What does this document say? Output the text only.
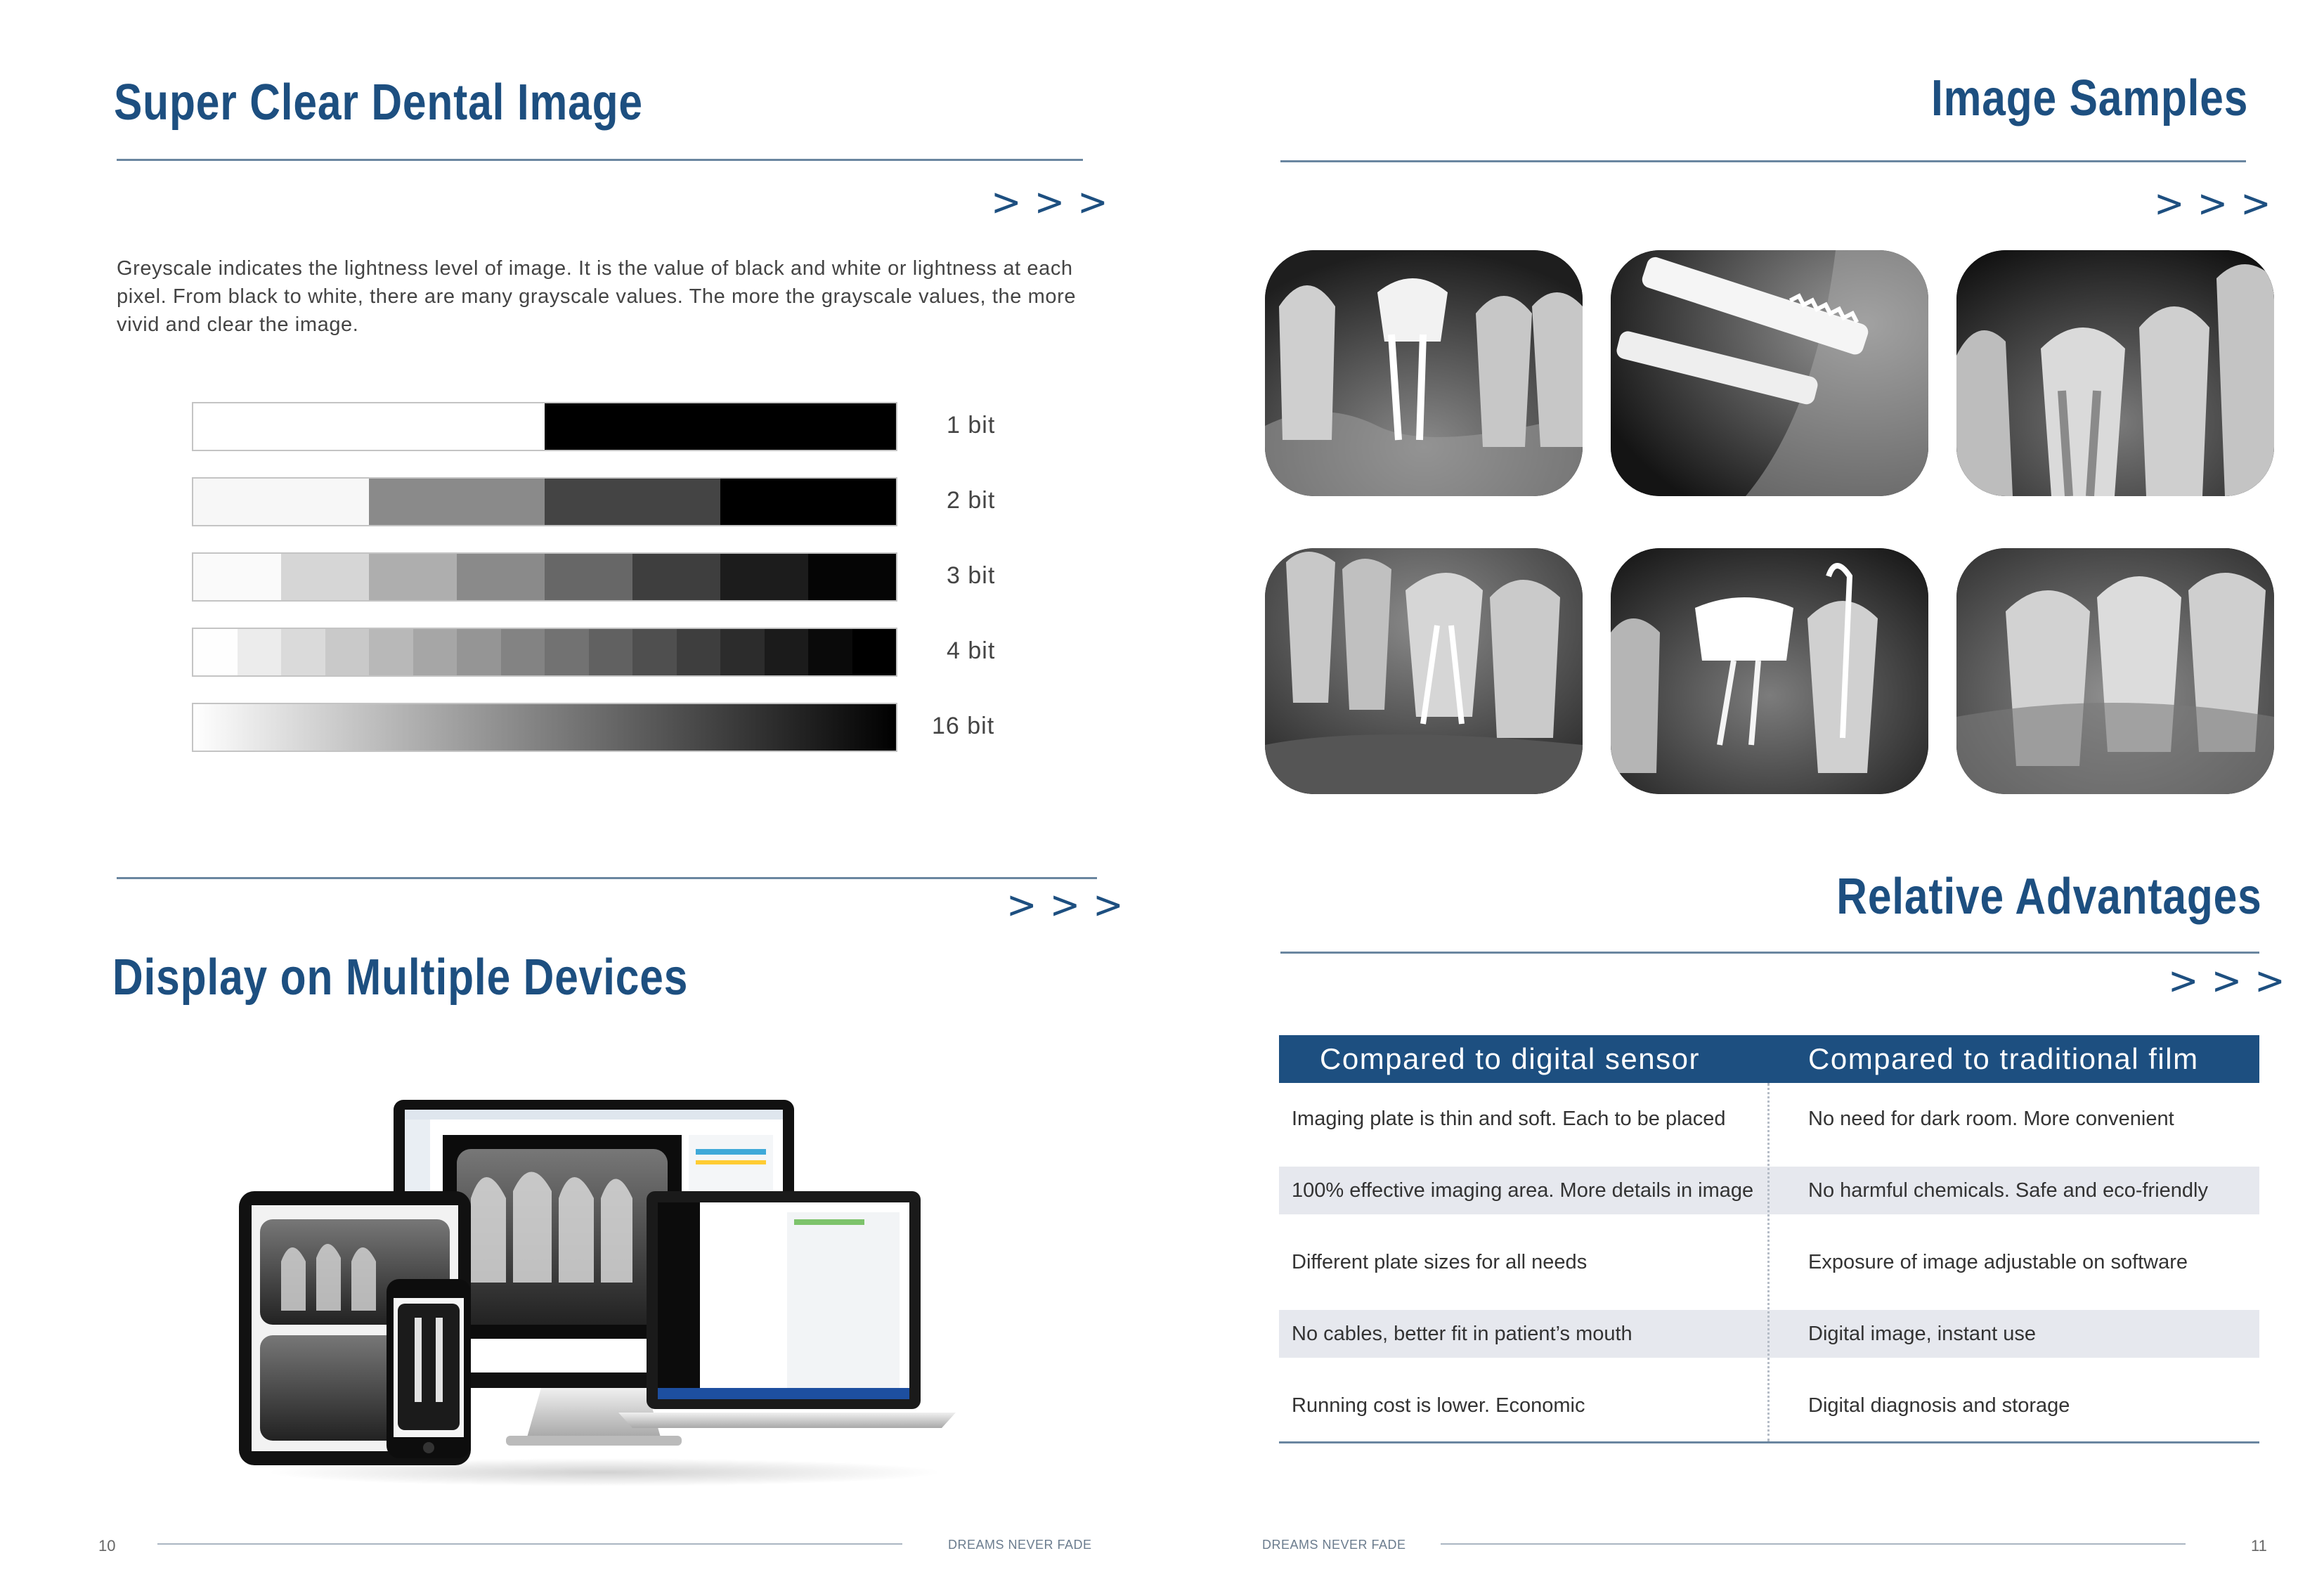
Super Clear Dental Image
> > >

Greyscale indicates the lightness level of image. It is the value of black and white or lightness at each pixel. From black to white, there are many grayscale values. The more the grayscale values, the more vivid and clear the image.

1 bit
2 bit
3 bit
4 bit
16 bit
> > >
Display on Multiple Devices
10	DREAMS NEVER FADE
Image Samples
> > >
Relative Advantages
> > >
Compared to digital sensor	Compared to traditional film
Imaging plate is thin and soft. Each to be placed	No need for dark room. More convenient
100% effective imaging area. More details in image	No harmful chemicals. Safe and eco-friendly
Different plate sizes for all needs	Exposure of image adjustable on software
No cables, better fit in patient’s mouth	Digital image, instant use
Running cost is lower. Economic	Digital diagnosis and storage
DREAMS NEVER FADE	11
